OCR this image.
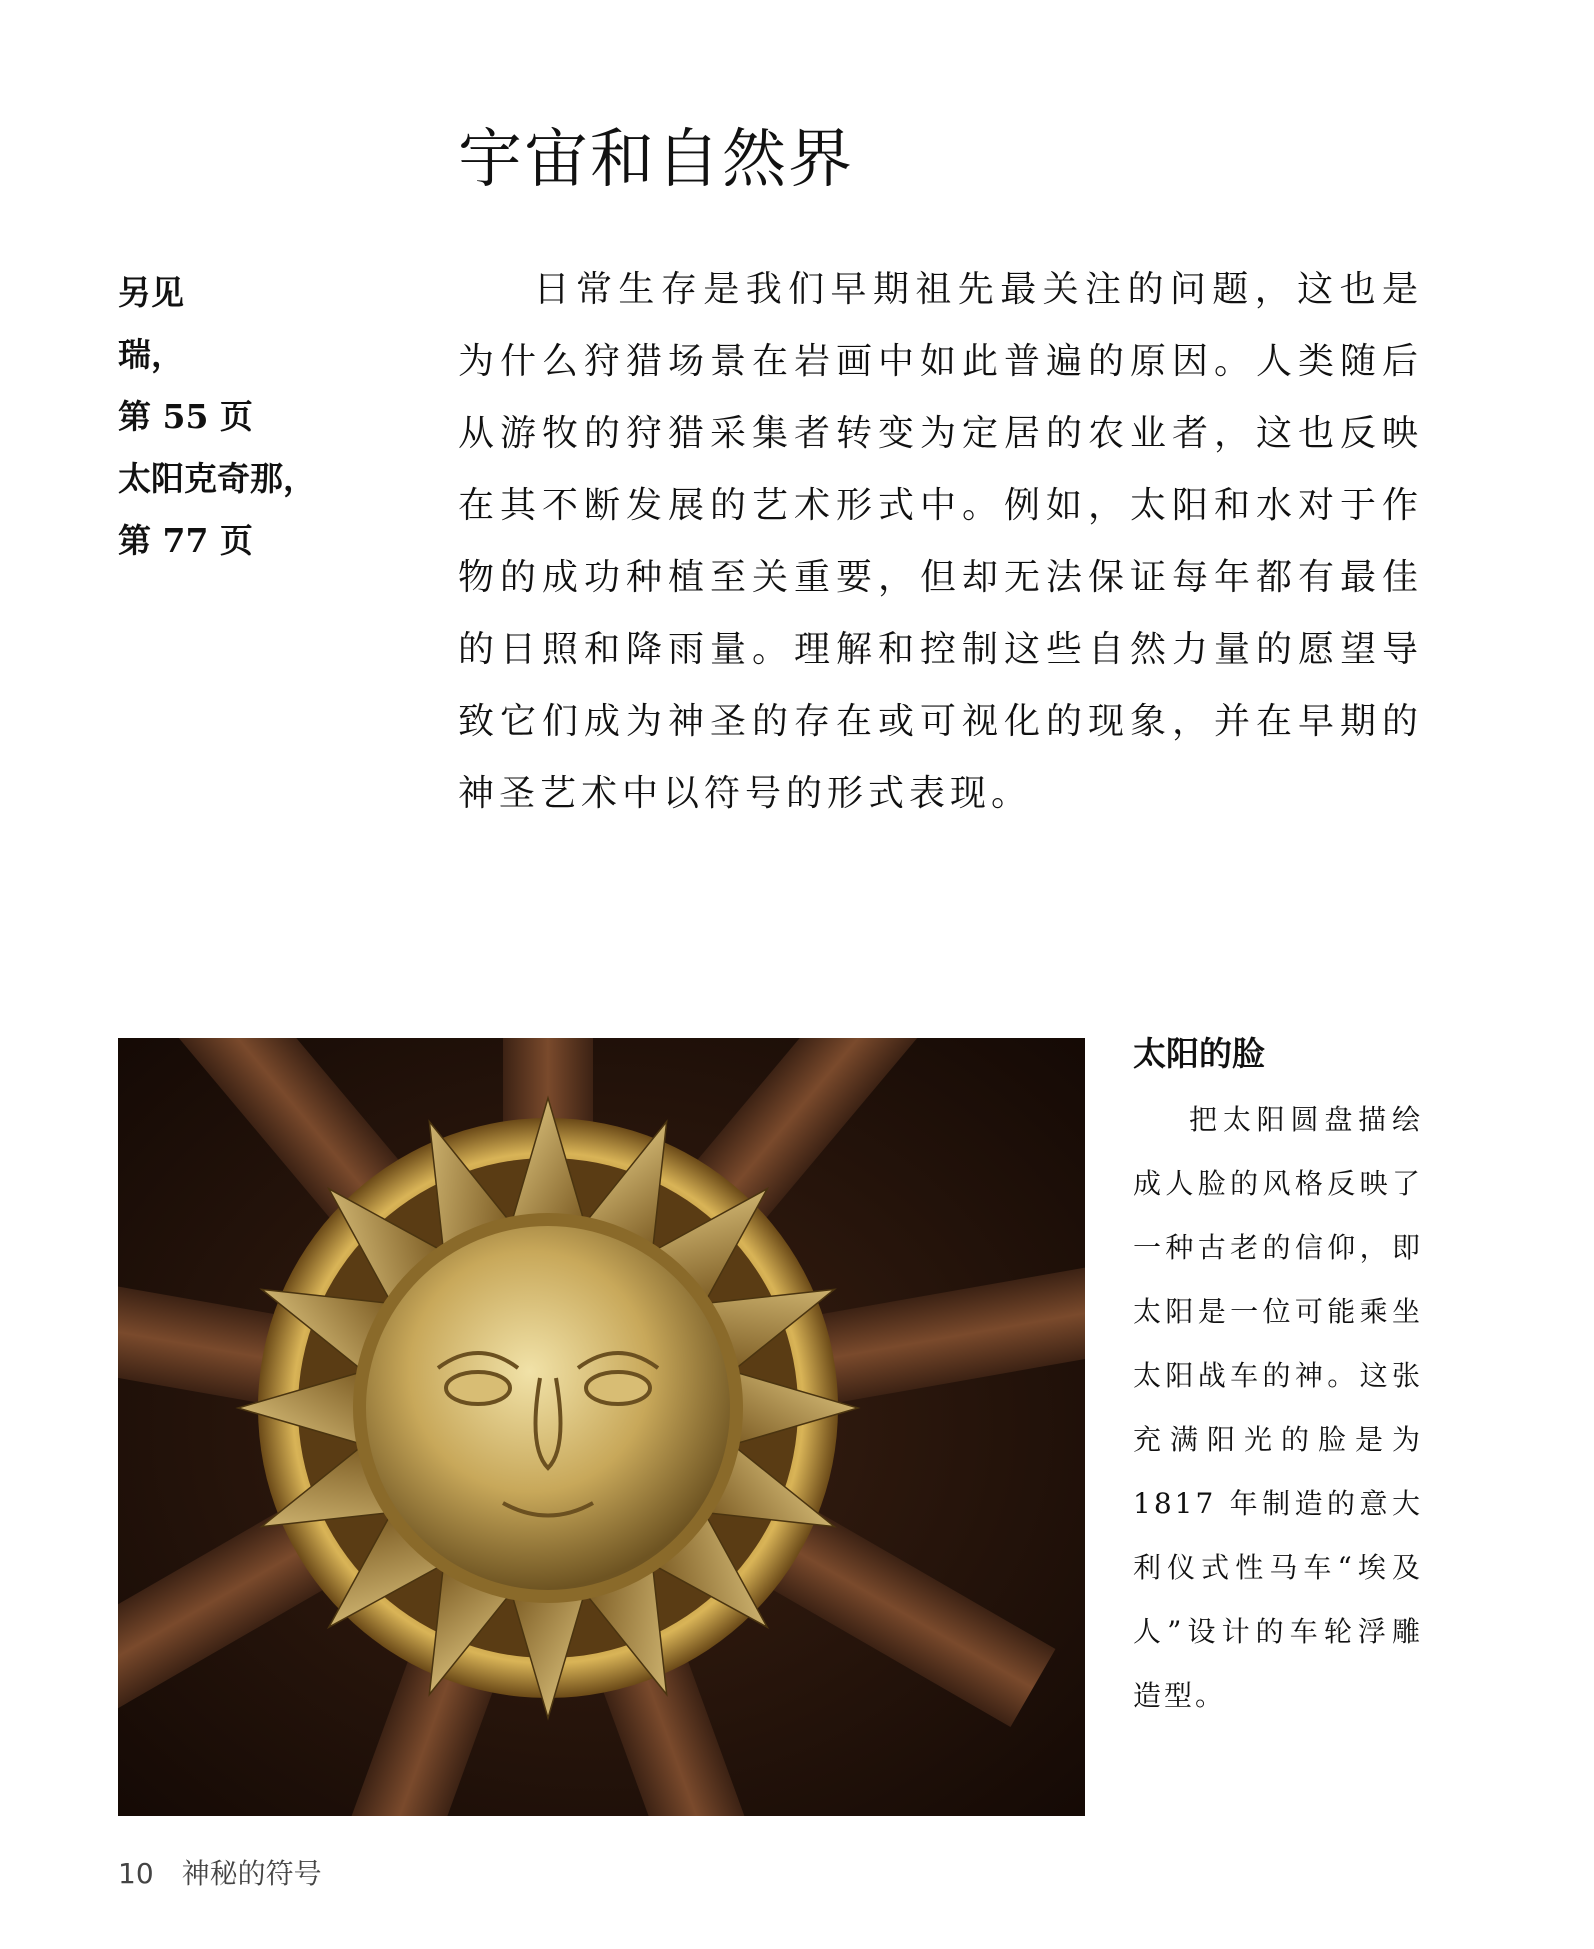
宇宙和自然界
另见
瑞，
第 55 页
太阳克奇那，
第 77 页

日常生存是我们早期祖先最关注的问题，这也是为什么狩猎场景在岩画中如此普遍的原因。人类随后从游牧的狩猎采集者转变为定居的农业者，这也反映在其不断发展的艺术形式中。例如，太阳和水对于作物的成功种植至关重要，但却无法保证每年都有最佳的日照和降雨量。理解和控制这些自然力量的愿望导致它们成为神圣的存在或可视化的现象，并在早期的神圣艺术中以符号的形式表现。

太阳的脸

把太阳圆盘描绘成人脸的风格反映了一种古老的信仰，即太阳是一位可能乘坐太阳战车的神。这张充满阳光的脸是为 1817 年制造的意大利仪式性马车“埃及人”设计的车轮浮雕造型。

10 神秘的符号
